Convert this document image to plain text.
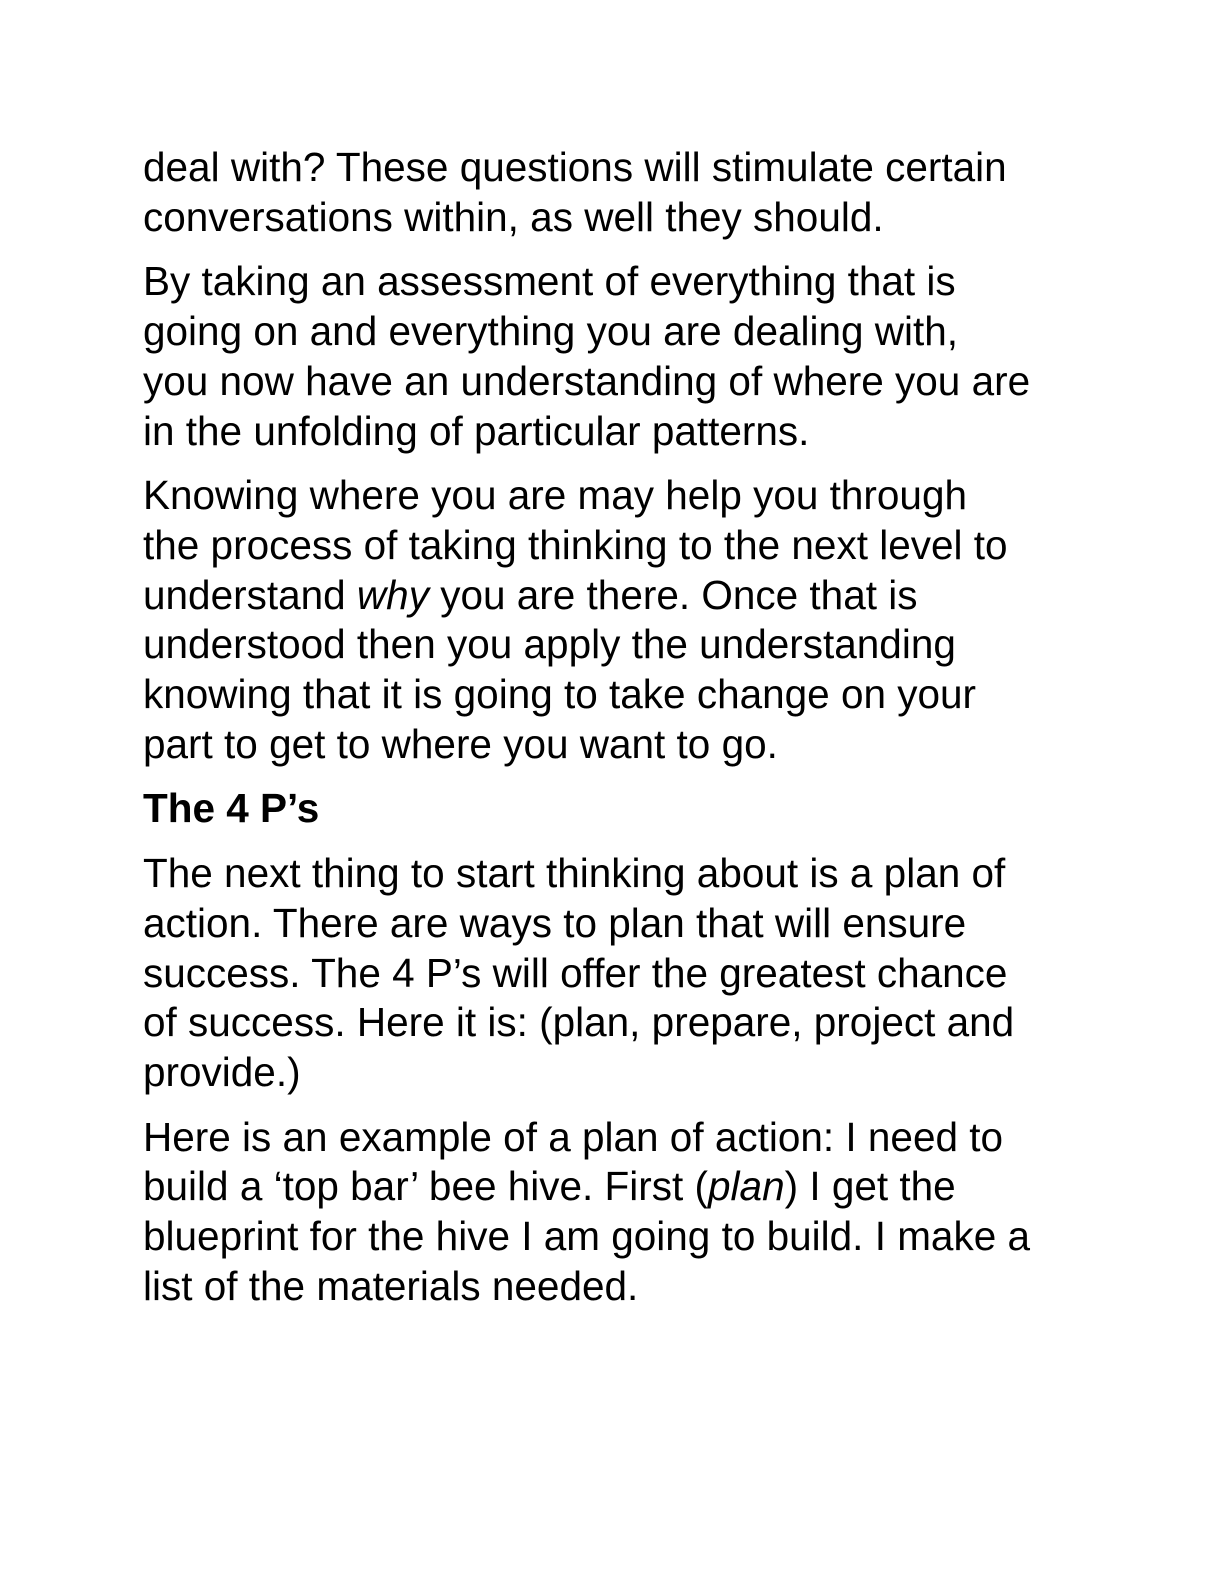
deal with? These questions will stimulate certain
conversations within, as well they should.
By taking an assessment of everything that is
going on and everything you are dealing with,
you now have an understanding of where you are
in the unfolding of particular patterns.
Knowing where you are may help you through
the process of taking thinking to the next level to
understand why you are there. Once that is
understood then you apply the understanding
knowing that it is going to take change on your
part to get to where you want to go.
The 4 P’s
The next thing to start thinking about is a plan of
action. There are ways to plan that will ensure
success. The 4 P’s will offer the greatest chance
of success. Here it is: (plan, prepare, project and
provide.)
Here is an example of a plan of action: I need to
build a ‘top bar’ bee hive. First (plan) I get the
blueprint for the hive I am going to build. I make a
list of the materials needed.
